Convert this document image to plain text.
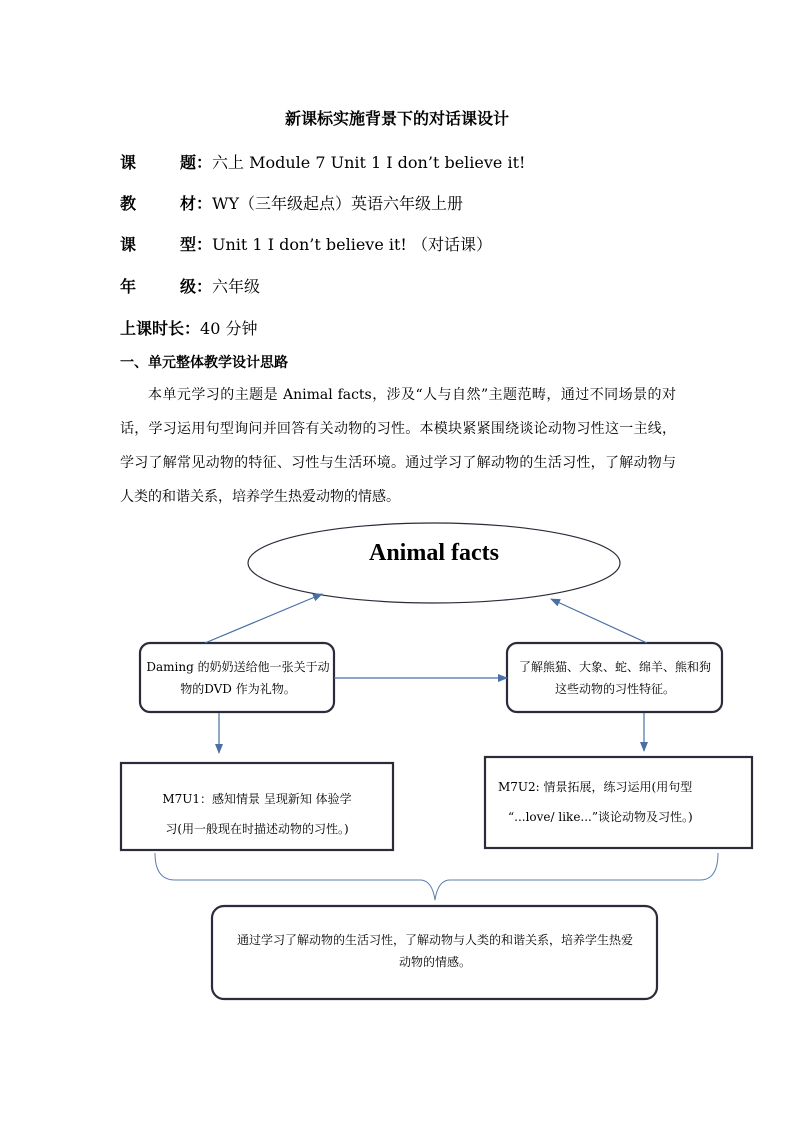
新课标实施背景下的对话课设计
课	题： 六上 Module 7 Unit 1 I don’t believe it!
教	材： WY（三年级起点）英语六年级上册
课	型： Unit 1 I don’t believe it! （对话课）
年	级： 六年级
上课时长：40 分钟
一、单元整体教学设计思路
本单元学习的主题是 Animal facts，涉及“人与自然”主题范畴，通过不同场景的对话，学习运用句型询问并回答有关动物的习性。本模块紧紧围绕谈论动物习性这一主线，学习了解常见动物的特征、习性与生活环境。通过学习了解动物的生活习性，了解动物与人类的和谐关系，培养学生热爱动物的情感。
Animal facts
Daming 的奶奶送给他一张关于动物的DVD 作为礼物。
了解熊猫、大象、蛇、绵羊、熊和狗这些动物的习性特征。
M7U1：感知情景 呈现新知 体验学
习(用一般现在时描述动物的习性。)
M7U2: 情景拓展，练习运用(用句型
“...love/ like...”谈论动物及习性。)
通过学习了解动物的生活习性，了解动物与人类的和谐关系，培养学生热爱动物的情感。
